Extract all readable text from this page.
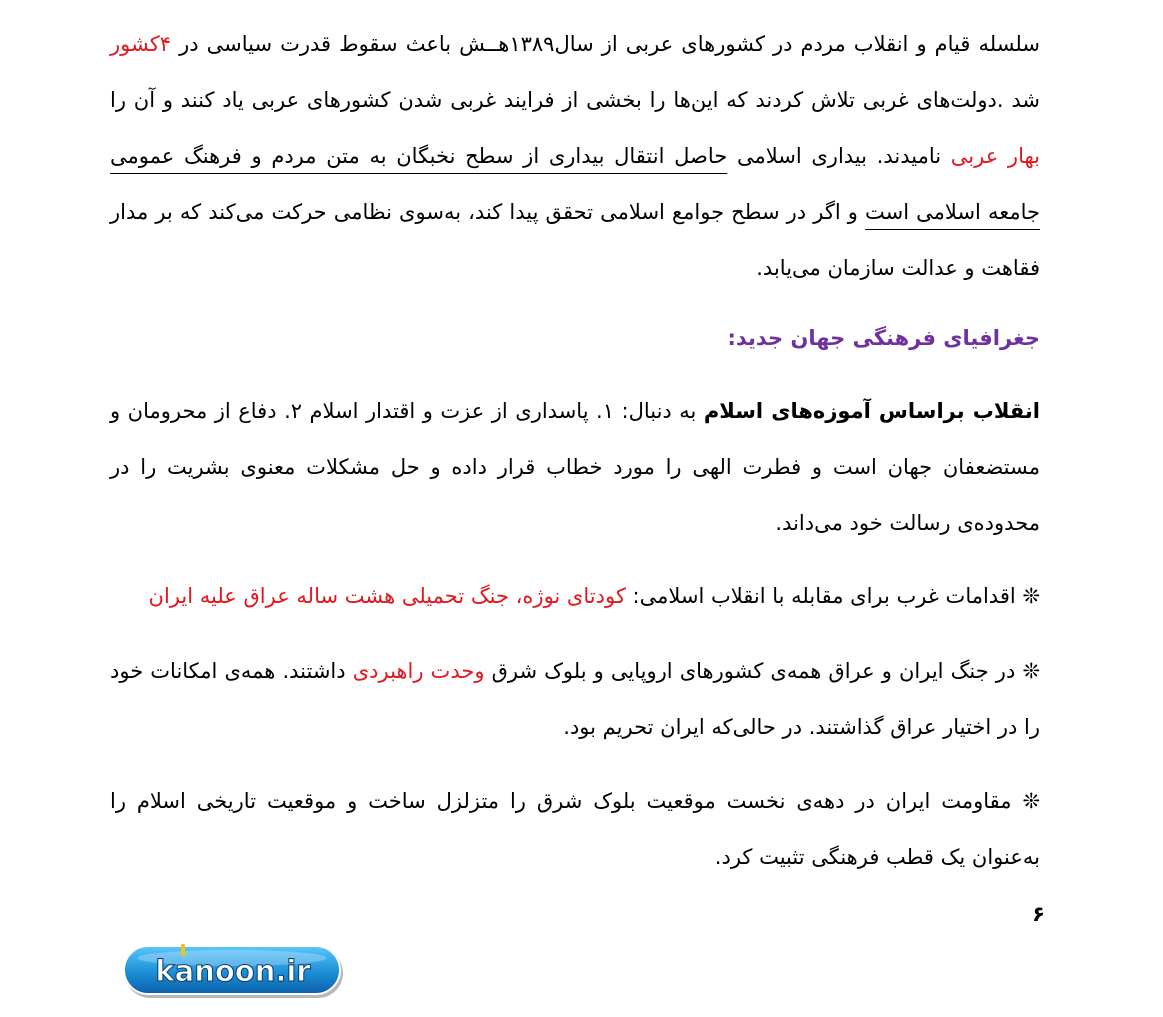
سلسله قیام و انقلاب مردم در کشورهای عربی از سال۱۳۸۹هــش باعث سقوط قدرت سیاسی در ۴کشور شد .دولت‌های غربی تلاش کردند که این‌ها را بخشی از فرایند غربی شدن کشورهای عربی یاد کنند و آن را بهار عربی نامیدند. بیداری اسلامی حاصل انتقال بیداری از سطح نخبگان به متن مردم و فرهنگ عمومی جامعه اسلامی است و اگر در سطح جوامع اسلامی تحقق پیدا کند، به‌سوی نظامی حرکت می‌کند که بر مدار فقاهت و عدالت سازمان می‌یابد.
جغرافیای فرهنگی جهان جدید:
انقلاب براساس آموزه‌های اسلام به دنبال: ۱. پاسداری از عزت و اقتدار اسلام ۲. دفاع از محرومان و مستضعفان جهان است و فطرت الهی را مورد خطاب قرار داده و حل مشکلات معنوی بشریت را در محدوده‌ی رسالت خود می‌داند.
❊ اقدامات غرب برای مقابله با انقلاب اسلامی: کودتای نوژه، جنگ تحمیلی هشت ساله عراق علیه ایران
❊ در جنگ ایران و عراق همه‌ی کشورهای اروپایی و بلوک شرق وحدت راهبردی داشتند. همه‌ی امکانات خود را در اختیار عراق گذاشتند. در حالی‌که ایران تحریم بود.
❊ مقاومت ایران در دهه‌ی نخست موقعیت بلوک شرق را متزلزل ساخت و موقعیت تاریخی اسلام را به‌عنوان یک قطب فرهنگی تثبیت کرد.
۶
kanoon.ir
